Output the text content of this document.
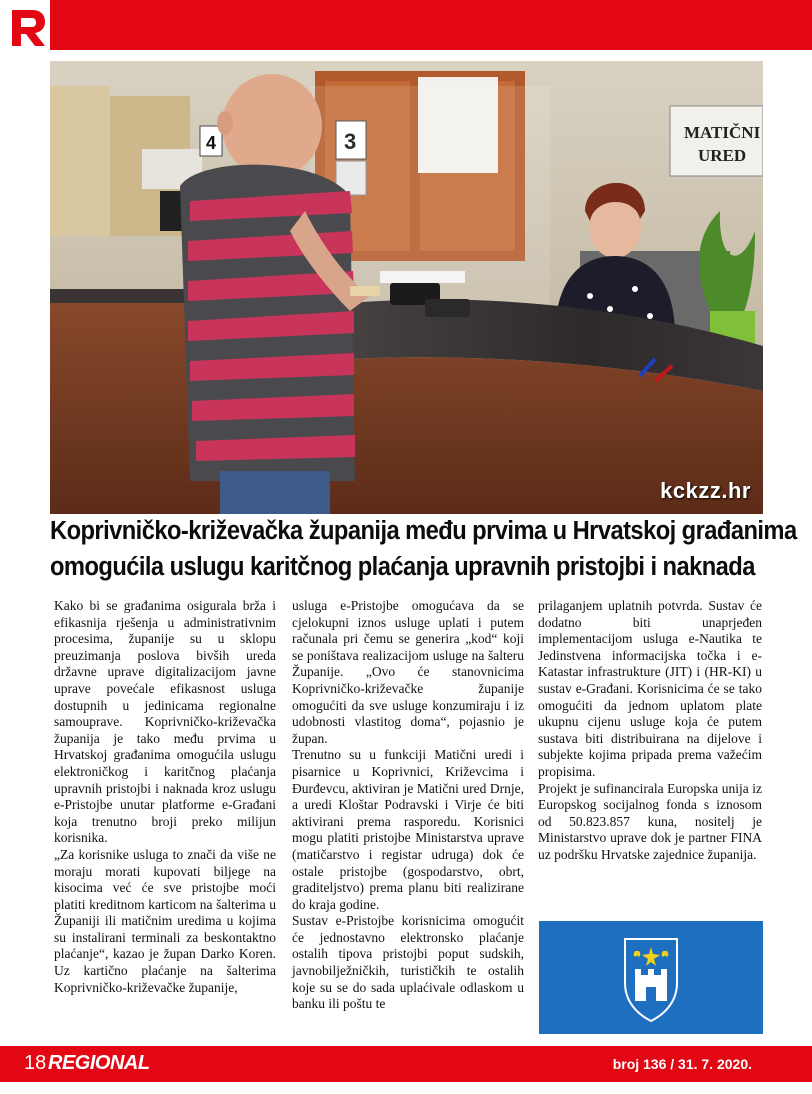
4	3	MATIČNI
URED
kckzz.hr
Koprivničko-križevačka županija među prvima u Hrvatskoj građanima
omogućila uslugu karitčnog plaćanja upravnih pristojbi i naknada

Kako bi se građanima osigurala brža i efikasnija rješenja u administrativnim procesima, županije su u sklopu preuzimanja poslova bivših ureda državne uprave digitalizacijom javne uprave povećale efikasnost usluga dostupnih u jedinicama regionalne samouprave. Koprivničko-križevačka županija je tako među prvima u Hrvatskoj građanima omogućila uslugu elektroničkog i karitčnog plaćanja upravnih pristojbi i naknada kroz uslugu e-Pristojbe unutar platforme e-Građani koja trenutno broji preko milijun korisnika.

„Za korisnike usluga to znači da više ne moraju morati kupovati biljege na kisocima već će sve pristojbe moći platiti kreditnom karticom na šalterima u Županiji ili matičnim uredima u kojima su instalirani terminali za beskontaktno plaćanje“, kazao je župan Darko Koren. Uz kartično plaćanje na šalterima Koprivničko-križevačke županije,

usluga e-Pristojbe omogućava da se cjelokupni iznos usluge uplati i putem računala pri čemu se generira „kod“ koji se poništava realizacijom usluge na šalteru Županije. „Ovo će stanovnicima Koprivničko-križevačke županije omogućiti da sve usluge konzumiraju i iz udobnosti vlastitog doma“, pojasnio je župan.

Trenutno su u funkciji Matični uredi i pisarnice u Koprivnici, Križevcima i Đurđevcu, aktiviran je Matični ured Drnje, a uredi Kloštar Podravski i Virje će biti aktivirani prema rasporedu. Korisnici mogu platiti pristojbe Ministarstva uprave (matičarstvo i registar udruga) dok će ostale pristojbe (gospodarstvo, obrt, graditeljstvo) prema planu biti realizirane do kraja godine.

Sustav e-Pristojbe korisnicima omogućit će jednostavno elektronsko plaćanje ostalih tipova pristojbi poput sudskih, javnobilježničkih, turističkih te ostalih koje su se do sada uplaćivale odlaskom u banku ili poštu te

prilaganjem uplatnih potvrda. Sustav će dodatno biti unaprjeđen implementacijom usluga e-Nautika te Jedinstvena informacijska točka i e-Katastar infrastrukture (JIT) i (HR-KI) u sustav e-Građani. Korisnicima će se tako omogućiti da jednom uplatom plate ukupnu cijenu usluge koja će putem sustava biti distribuirana na dijelove i subjekte kojima pripada prema važećim propisima.

Projekt je sufinancirala Europska unija iz Europskog socijalnog fonda s iznosom od 50.823.857 kuna, nositelj je Ministarstvo uprave dok je partner FINA uz podršku Hrvatske zajednice županija.

18 REGIONAL	broj 136 / 31. 7. 2020.
